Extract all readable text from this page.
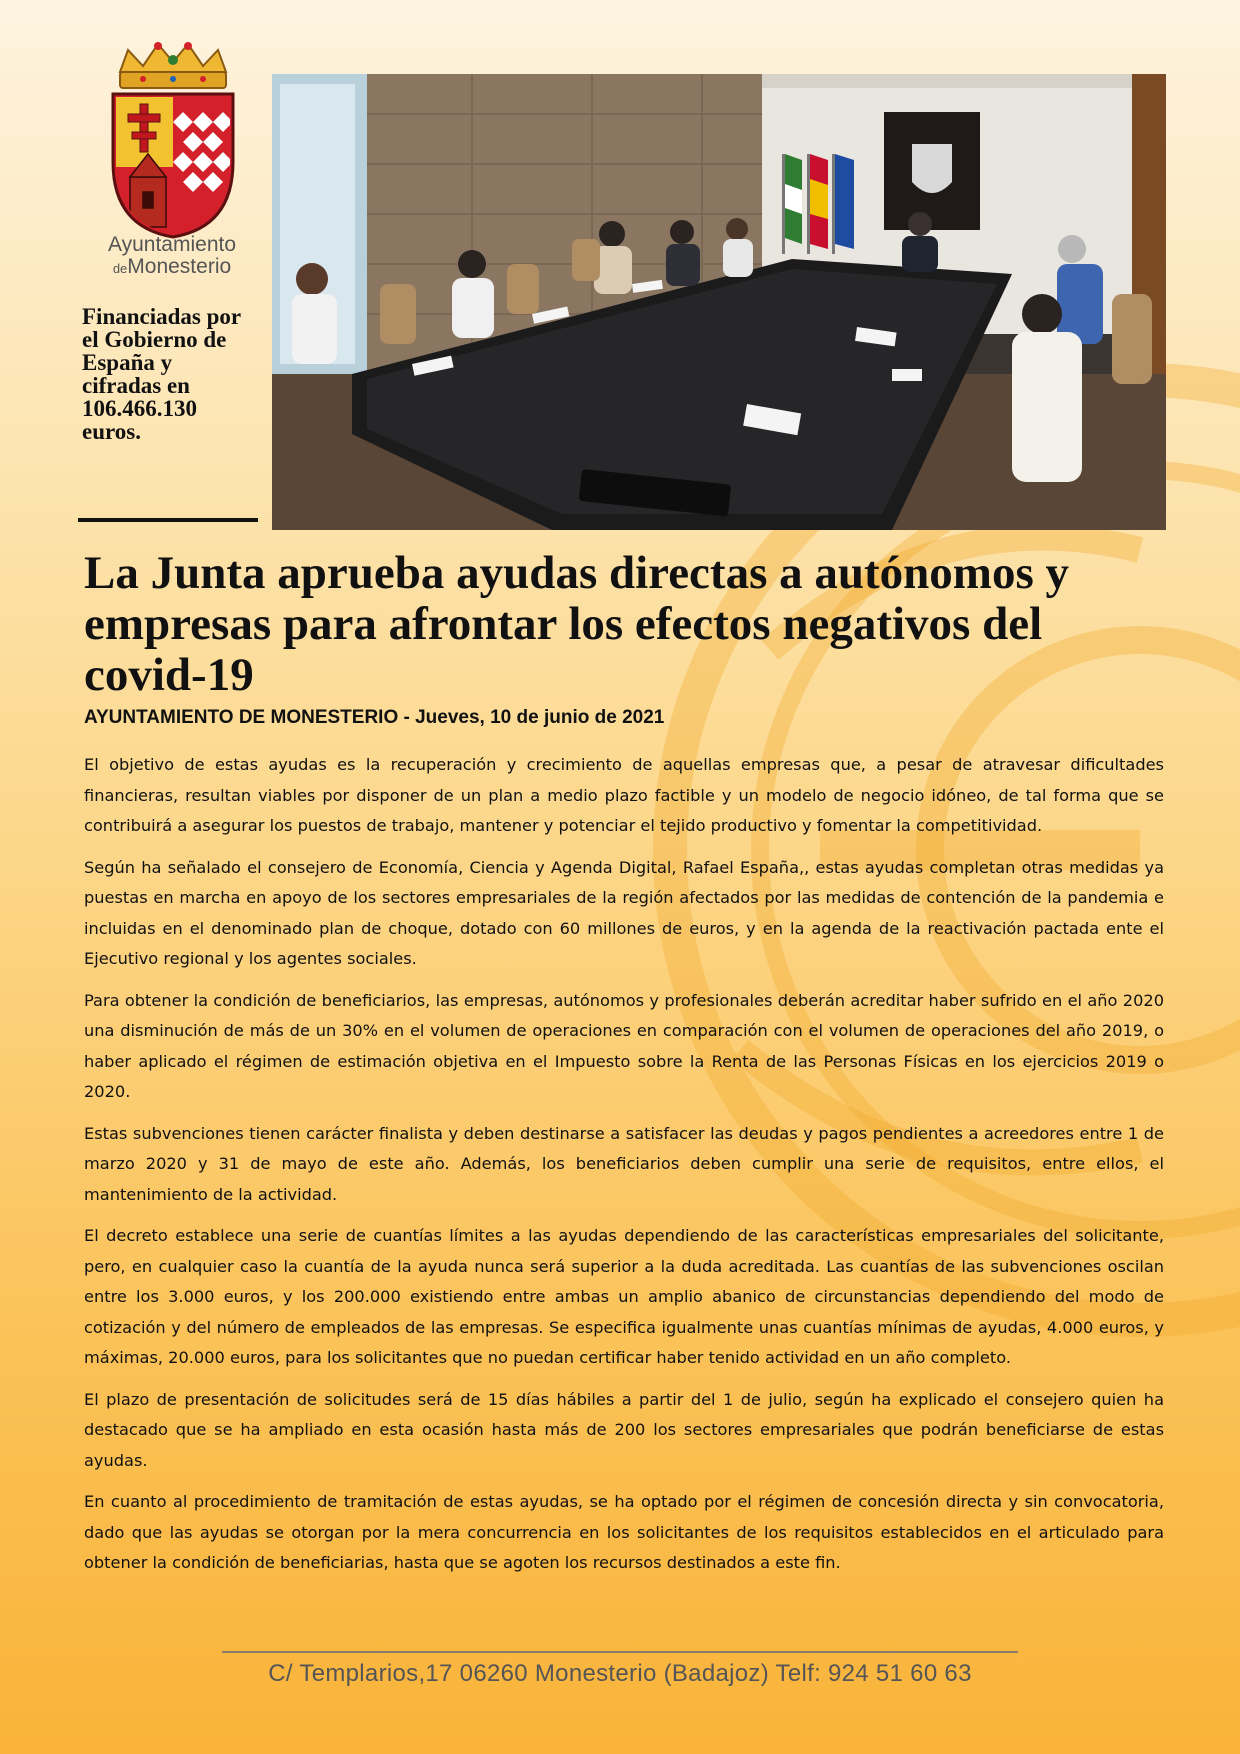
Ayuntamiento
deMonesterio
Financiadas por el Gobierno de España y cifradas en 106.466.130 euros.
La Junta aprueba ayudas directas a autónomos y empresas para afrontar los efectos negativos del covid-19
AYUNTAMIENTO DE MONESTERIO - Jueves, 10 de junio de 2021

El objetivo de estas ayudas es la recuperación y crecimiento de aquellas empresas que, a pesar de atravesar dificultades financieras, resultan viables por disponer de un plan a medio plazo factible y un modelo de negocio idóneo, de tal forma que se contribuirá a asegurar los puestos de trabajo, mantener y potenciar el tejido productivo y fomentar la competitividad.

Según ha señalado el consejero de Economía, Ciencia y Agenda Digital, Rafael España,, estas ayudas completan otras medidas ya puestas en marcha en apoyo de los sectores empresariales de la región afectados por las medidas de contención de la pandemia e incluidas en el denominado plan de choque, dotado con 60 millones de euros, y en la agenda de la reactivación pactada ente el Ejecutivo regional y los agentes sociales.

Para obtener la condición de beneficiarios, las empresas, autónomos y profesionales deberán acreditar haber sufrido en el año 2020 una disminución de más de un 30% en el volumen de operaciones en comparación con el volumen de operaciones del año 2019, o haber aplicado el régimen de estimación objetiva en el Impuesto sobre la Renta de las Personas Físicas en los ejercicios 2019 o 2020.

Estas subvenciones tienen carácter finalista y deben destinarse a satisfacer las deudas y pagos pendientes a acreedores entre 1 de marzo 2020 y 31 de mayo de este año. Además, los beneficiarios deben cumplir una serie de requisitos, entre ellos, el mantenimiento de la actividad.

El decreto establece una serie de cuantías límites a las ayudas dependiendo de las características empresariales del solicitante, pero, en cualquier caso la cuantía de la ayuda nunca será superior a la duda acreditada. Las cuantías de las subvenciones oscilan entre los 3.000 euros, y los 200.000 existiendo entre ambas un amplio abanico de circunstancias dependiendo del modo de cotización y del número de empleados de las empresas. Se especifica igualmente unas cuantías mínimas de ayudas, 4.000 euros, y máximas, 20.000 euros, para los solicitantes que no puedan certificar haber tenido actividad en un año completo.

El plazo de presentación de solicitudes será de 15 días hábiles a partir del 1 de julio, según ha explicado el consejero quien ha destacado que se ha ampliado en esta ocasión hasta más de 200 los sectores empresariales que podrán beneficiarse de estas ayudas.

En cuanto al procedimiento de tramitación de estas ayudas, se ha optado por el régimen de concesión directa y sin convocatoria, dado que las ayudas se otorgan por la mera concurrencia en los solicitantes de los requisitos establecidos en el articulado para obtener la condición de beneficiarias, hasta que se agoten los recursos destinados a este fin.

C/ Templarios,17 06260 Monesterio (Badajoz) Telf: 924 51 60 63
